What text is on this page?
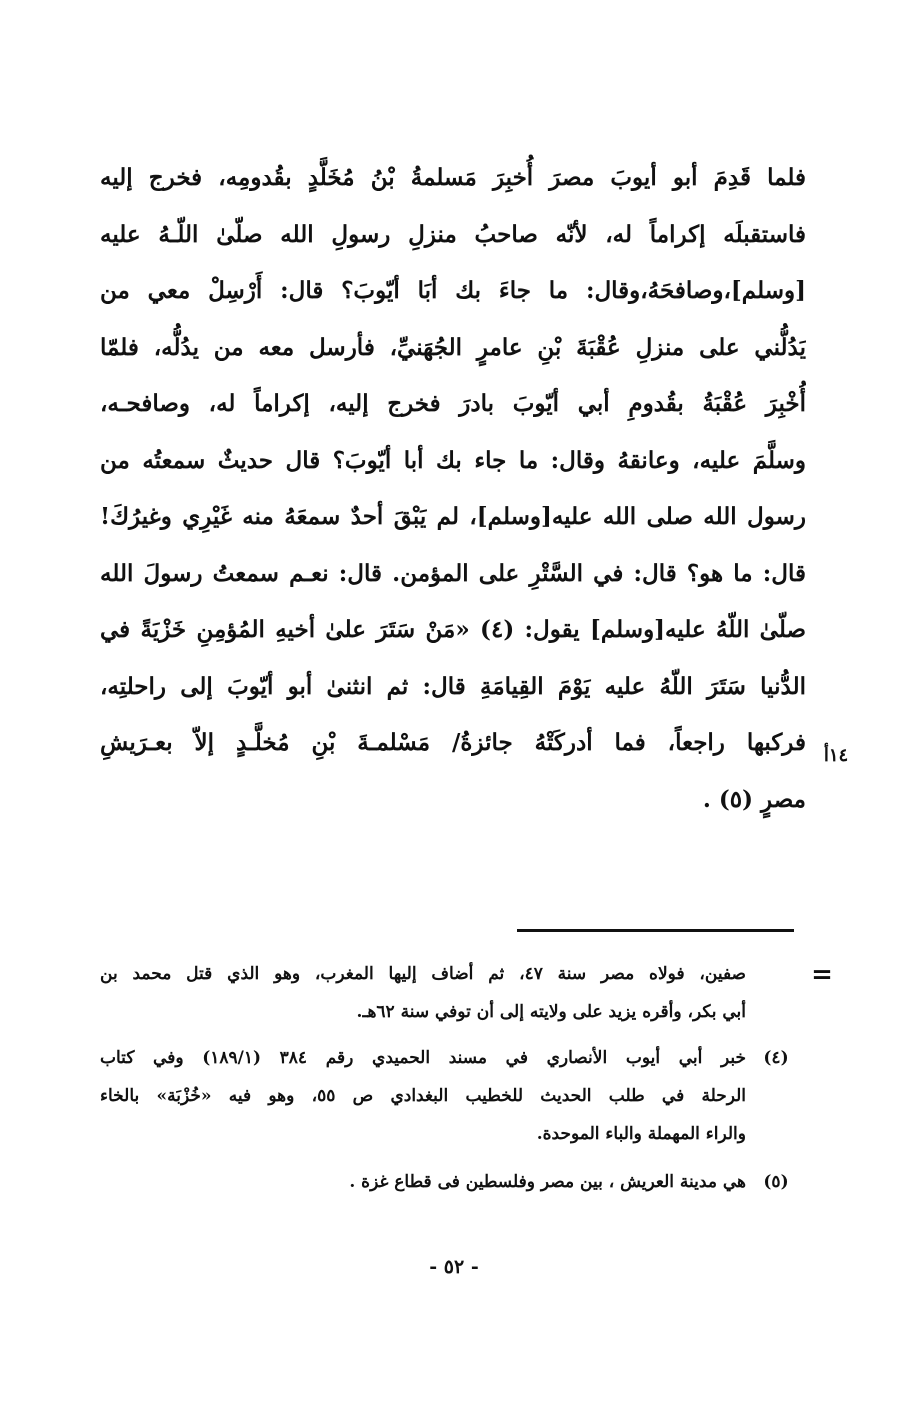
فلما قَدِمَ أبو أيوبَ مصرَ أُخبِرَ مَسلمةُ بْنُ مُخَلَّدٍ بقُدومِه، فخرج إليه
فاستقبلَه إكراماً له، لأنّه صاحبُ منزلِ رسولِ الله صلّىٰ اللّـهُ عليه
[وسلم]،وصافحَهُ،وقال: ما جاءَ بك أبَا أيّوبَ؟ قال: أَرْسِلْ معي من
يَدُلُّني على منزلِ عُقْبَةَ بْنِ عامرٍ الجُهَنيِّ، فأرسل معه من يدُلُّه، فلمّا
أُخْبِرَ عُقْبَةُ بقُدومِ أبي أيّوبَ بادرَ فخرج إليه، إكراماً له، وصافحـه،
وسلَّمَ عليه، وعانقهُ وقال: ما جاء بك أبا أيّوبَ؟ قال حديثٌ سمعتُه من
رسول الله صلى الله عليه[وسلم]، لم يَبْقَ أحدٌ سمعَهُ منه غَيْرِي وغيرُكَ!
قال: ما هو؟ قال: في السَّتْرِ على المؤمن. قال: نعـم سمعتُ رسولَ الله
صلّىٰ اللّهُ عليه[وسلم] يقول: (٤) «مَنْ سَتَرَ علىٰ أخيهِ المُؤمِنِ خَزْيَةً في
الدُّنيا سَتَرَ اللّهُ عليه يَوْمَ القِيامَةِ قال: ثم انثنىٰ أبو أيّوبَ إلى راحلتِه،
فركبها راجعاً، فما أدركَتْهُ جائزةُ/ مَسْلمـةَ بْنِ مُخلَّـدٍ إلاّ بعـرَيشِ
مصرٍ (٥) .
١٤أ
=
صفين، فولاه مصر سنة ٤٧، ثم أضاف إليها المغرب، وهو الذي قتل محمد بن
أبي بكر، وأقره يزيد على ولايته إلى أن توفي سنة ٦٢هـ.
(٤)
خبر أبي أيوب الأنصاري في مسند الحميدي رقم ٣٨٤ (١٨٩/١) وفي كتاب
الرحلة في طلب الحديث للخطيب البغدادي ص ٥٥، وهو فيه «خُزْبَة» بالخاء
والراء المهملة والباء الموحدة.
(٥)
هي مدينة العريش ، بين مصر وفلسطين فى قطاع غزة .
- ٥٢ -
